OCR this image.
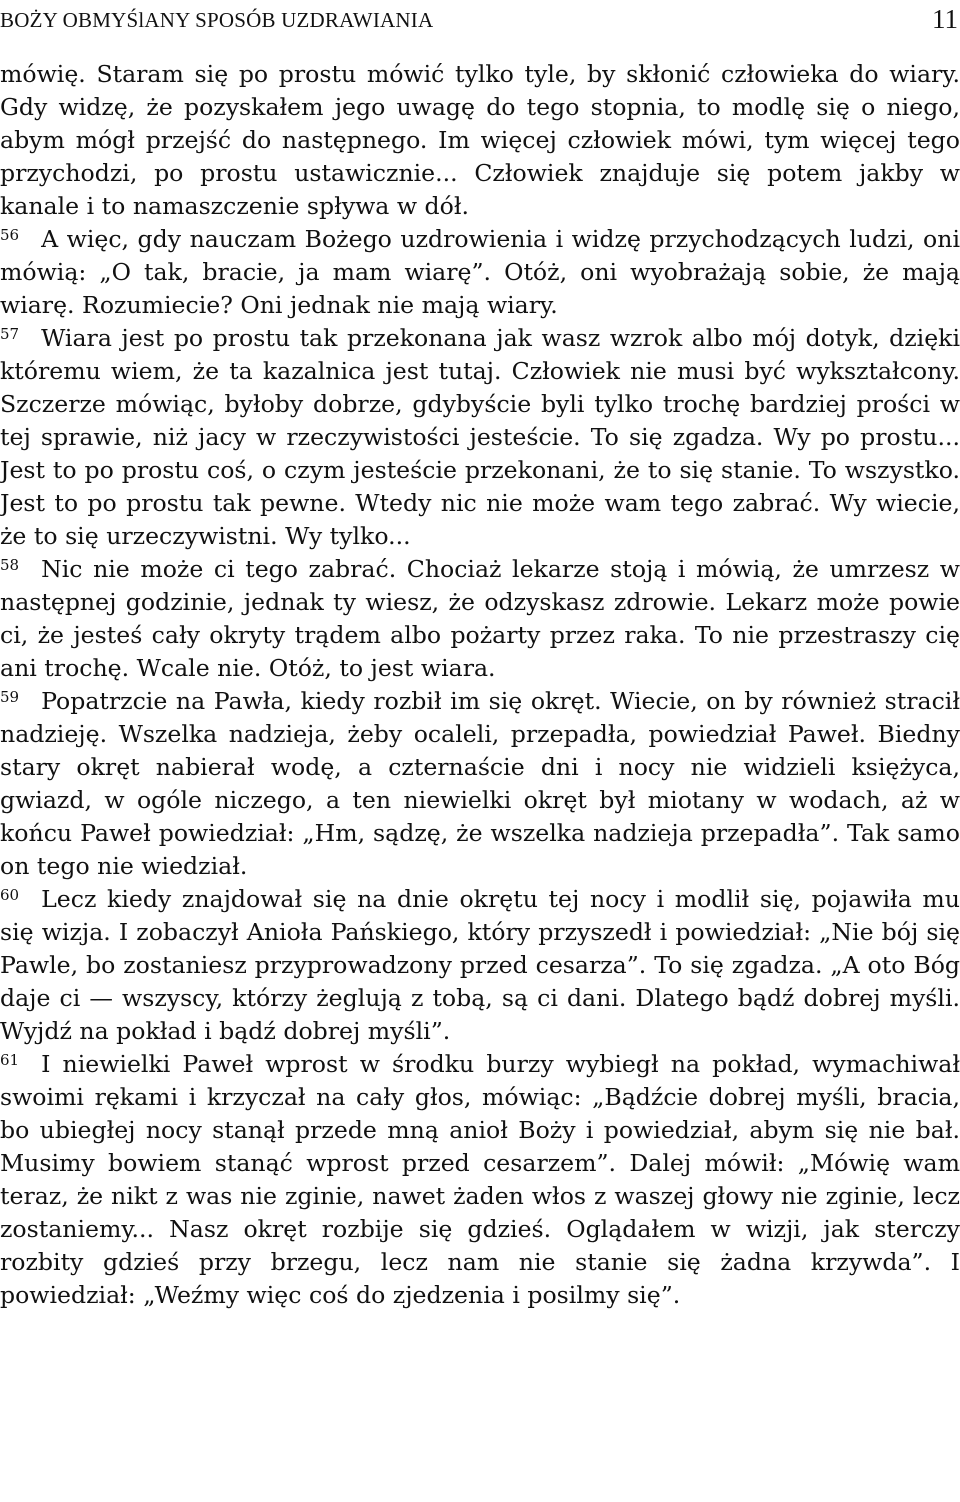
BOŻY OBMYŚlANY SPOSÓB UZDRAWIANIA	11

mówię. Staram się po prostu mówić tylko tyle, by skłonić człowieka do wiary. Gdy widzę, że pozyskałem jego uwagę do tego stopnia, to modlę się o niego, abym mógł przejść do następnego. Im więcej człowiek mówi, tym więcej tego przychodzi, po prostu ustawicznie... Człowiek znajduje się potem jakby w kanale i to namaszczenie spływa w dół.

$^{56}$ A więc, gdy nauczam Bożego uzdrowienia i widzę przychodzących ludzi, oni mówią: „O tak, bracie, ja mam wiarę”. Otóż, oni wyobrażają sobie, że mają wiarę. Rozumiecie? Oni jednak nie mają wiary.

$^{57}$ Wiara jest po prostu tak przekonana jak wasz wzrok albo mój dotyk, dzięki któremu wiem, że ta kazalnica jest tutaj. Człowiek nie musi być wykształcony. Szczerze mówiąc, byłoby dobrze, gdybyście byli tylko trochę bardziej prości w tej sprawie, niż jacy w rzeczywistości jesteście. To się zgadza. Wy po prostu... Jest to po prostu coś, o czym jesteście przekonani, że to się stanie. To wszystko. Jest to po prostu tak pewne. Wtedy nic nie może wam tego zabrać. Wy wiecie, że to się urzeczywistni. Wy tylko...

$^{58}$ Nic nie może ci tego zabrać. Chociaż lekarze stoją i mówią, że umrzesz w następnej godzinie, jednak ty wiesz, że odzyskasz zdrowie. Lekarz może powie ci, że jesteś cały okryty trądem albo pożarty przez raka. To nie przestraszy cię ani trochę. Wcale nie. Otóż, to jest wiara.

$^{59}$ Popatrzcie na Pawła, kiedy rozbił im się okręt. Wiecie, on by również stracił nadzieję. Wszelka nadzieja, żeby ocaleli, przepadła, powiedział Paweł. Biedny stary okręt nabierał wodę, a czternaście dni i nocy nie widzieli księżyca, gwiazd, w ogóle niczego, a ten niewielki okręt był miotany w wodach, aż w końcu Paweł powiedział: „Hm, sądzę, że wszelka nadzieja przepadła”. Tak samo on tego nie wiedział.

$^{60}$ Lecz kiedy znajdował się na dnie okrętu tej nocy i modlił się, pojawiła mu się wizja. I zobaczył Anioła Pańskiego, który przyszedł i powiedział: „Nie bój się Pawle, bo zostaniesz przyprowadzony przed cesarza”. To się zgadza. „A oto Bóg daje ci — wszyscy, którzy żeglują z tobą, są ci dani. Dlatego bądź dobrej myśli. Wyjdź na pokład i bądź dobrej myśli”.

$^{61}$ I niewielki Paweł wprost w środku burzy wybiegł na pokład, wymachiwał swoimi rękami i krzyczał na cały głos, mówiąc: „Bądźcie dobrej myśli, bracia, bo ubiegłej nocy stanął przede mną anioł Boży i powiedział, abym się nie bał. Musimy bowiem stanąć wprost przed cesarzem”. Dalej mówił: „Mówię wam teraz, że nikt z was nie zginie, nawet żaden włos z waszej głowy nie zginie, lecz zostaniemy... Nasz okręt rozbije się gdzieś. Oglądałem w wizji, jak sterczy rozbity gdzieś przy brzegu, lecz nam nie stanie się żadna krzywda”. I powiedział: „Weźmy więc coś do zjedzenia i posilmy się”.
